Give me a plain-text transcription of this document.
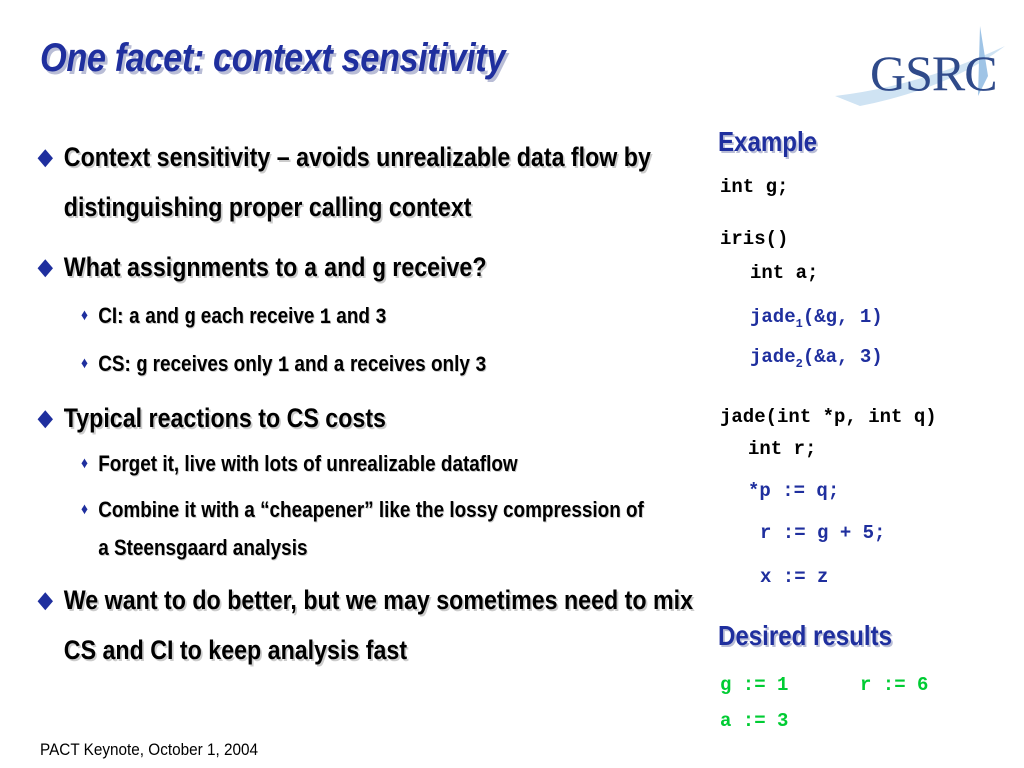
One facet: context sensitivity	GSRC
◆ Context sensitivity – avoids unrealizable data flow by distinguishing proper calling context
◆ What assignments to a and g receive?
♦ CI: a and g each receive 1 and 3
♦ CS: g receives only 1 and a receives only 3
◆ Typical reactions to CS costs
♦ Forget it, live with lots of unrealizable dataflow
♦ Combine it with a “cheapener” like the lossy compression of a Steensgaard analysis
◆ We want to do better, but we may sometimes need to mix CS and CI to keep analysis fast
Example
int g;
iris()
int a;
jade$_1$(&g, 1)
jade$_2$(&a, 3)
jade(int *p, int q)
int r;
*p := q;
r := g + 5;
x := z
Desired results
g := 1	r := 6
a := 3
PACT Keynote, October 1, 2004
